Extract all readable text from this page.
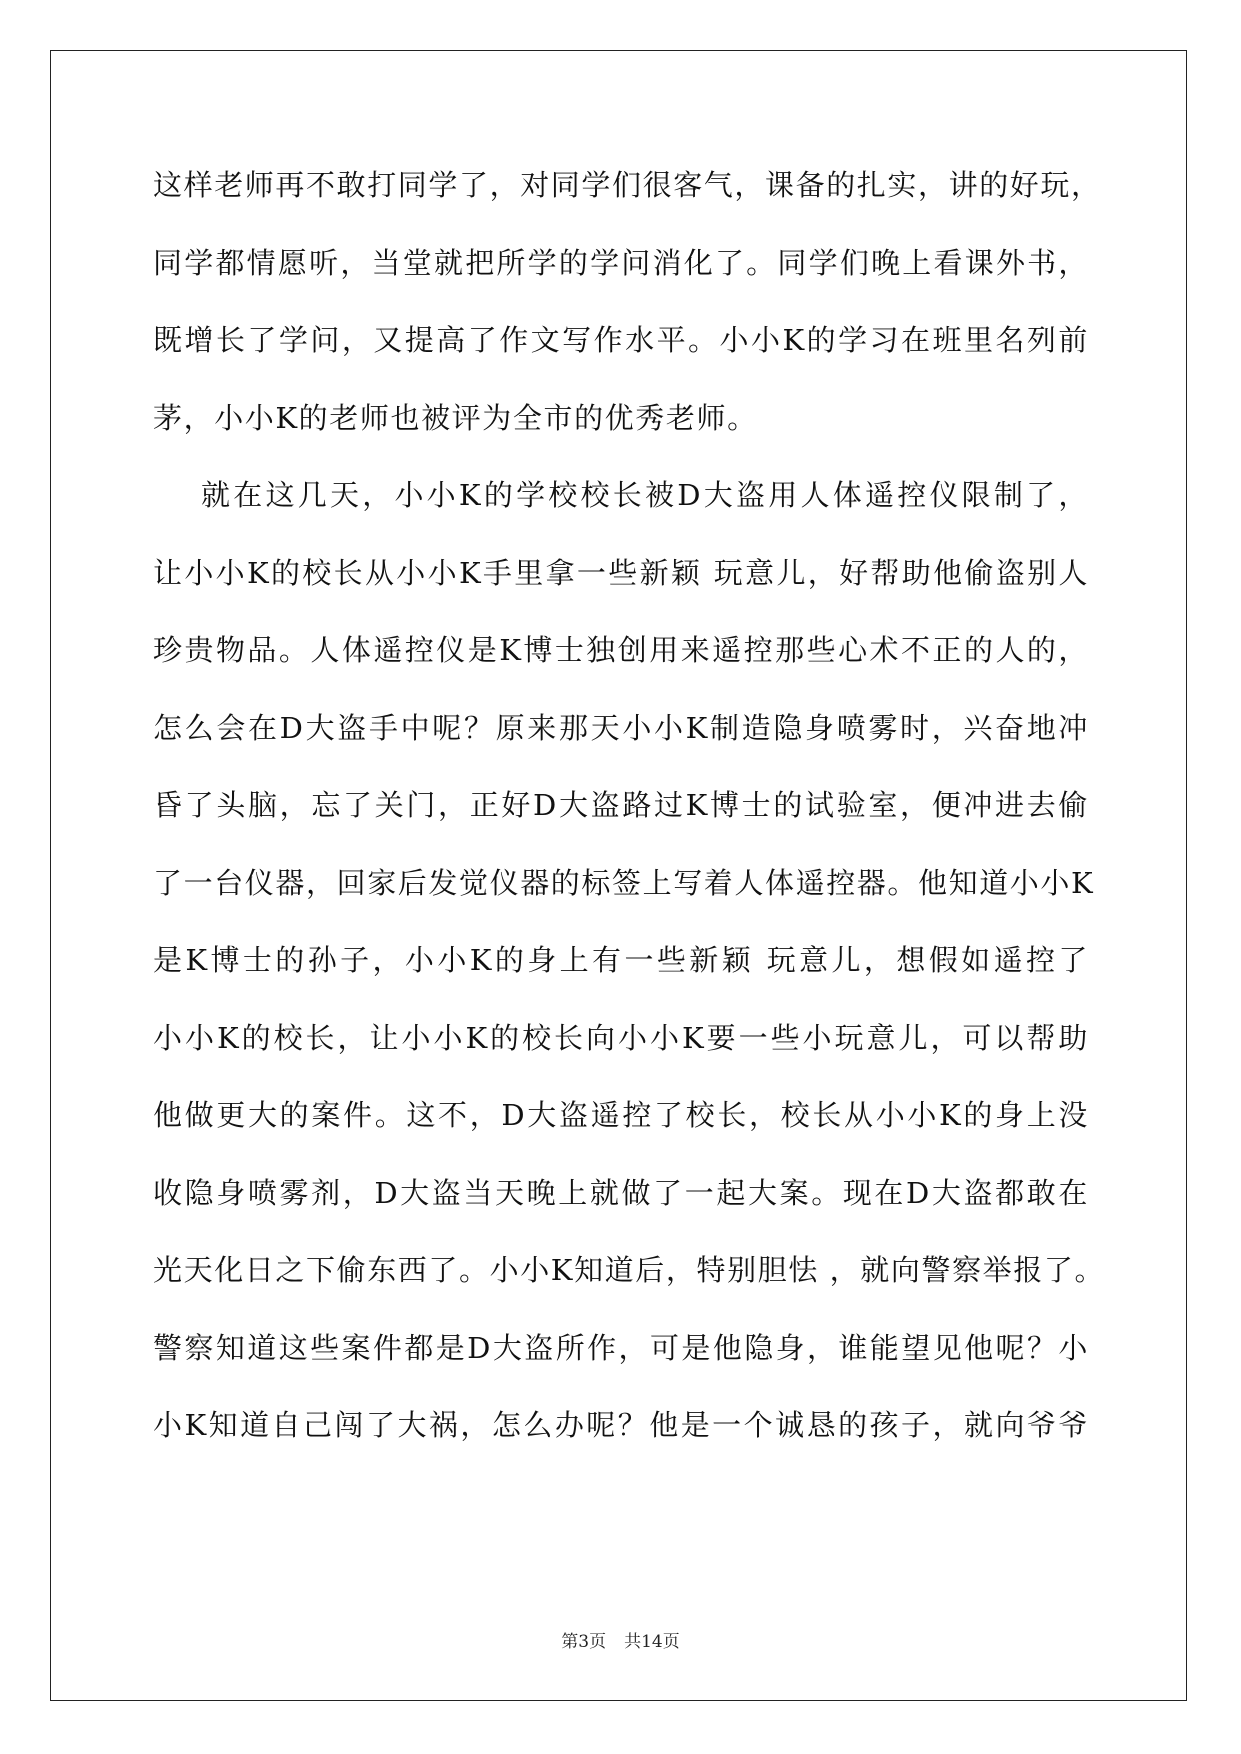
这样老师再不敢打同学了，对同学们很客气，课备的扎实，讲的好玩，
同学都情愿听，当堂就把所学的学问消化了。同学们晚上看课外书，
既增长了学问，又提高了作文写作水平。小小K的学习在班里名列前
茅，小小K的老师也被评为全市的优秀老师。
就在这几天，小小K的学校校长被D大盗用人体遥控仪限制了，
让小小K的校长从小小K手里拿一些新颖 玩意儿，好帮助他偷盗别人
珍贵物品。人体遥控仪是K博士独创用来遥控那些心术不正的人的，
怎么会在D大盗手中呢？原来那天小小K制造隐身喷雾时，兴奋地冲
昏了头脑，忘了关门，正好D大盗路过K博士的试验室，便冲进去偷
了一台仪器，回家后发觉仪器的标签上写着人体遥控器。他知道小小K
是K博士的孙子，小小K的身上有一些新颖 玩意儿，想假如遥控了
小小K的校长，让小小K的校长向小小K要一些小玩意儿，可以帮助
他做更大的案件。这不，D大盗遥控了校长，校长从小小K的身上没
收隐身喷雾剂，D大盗当天晚上就做了一起大案。现在D大盗都敢在
光天化日之下偷东西了。小小K知道后，特别胆怯 ，就向警察举报了。
警察知道这些案件都是D大盗所作，可是他隐身，谁能望见他呢？小
小K知道自己闯了大祸，怎么办呢？他是一个诚恳的孩子，就向爷爷
第3页 共14页
